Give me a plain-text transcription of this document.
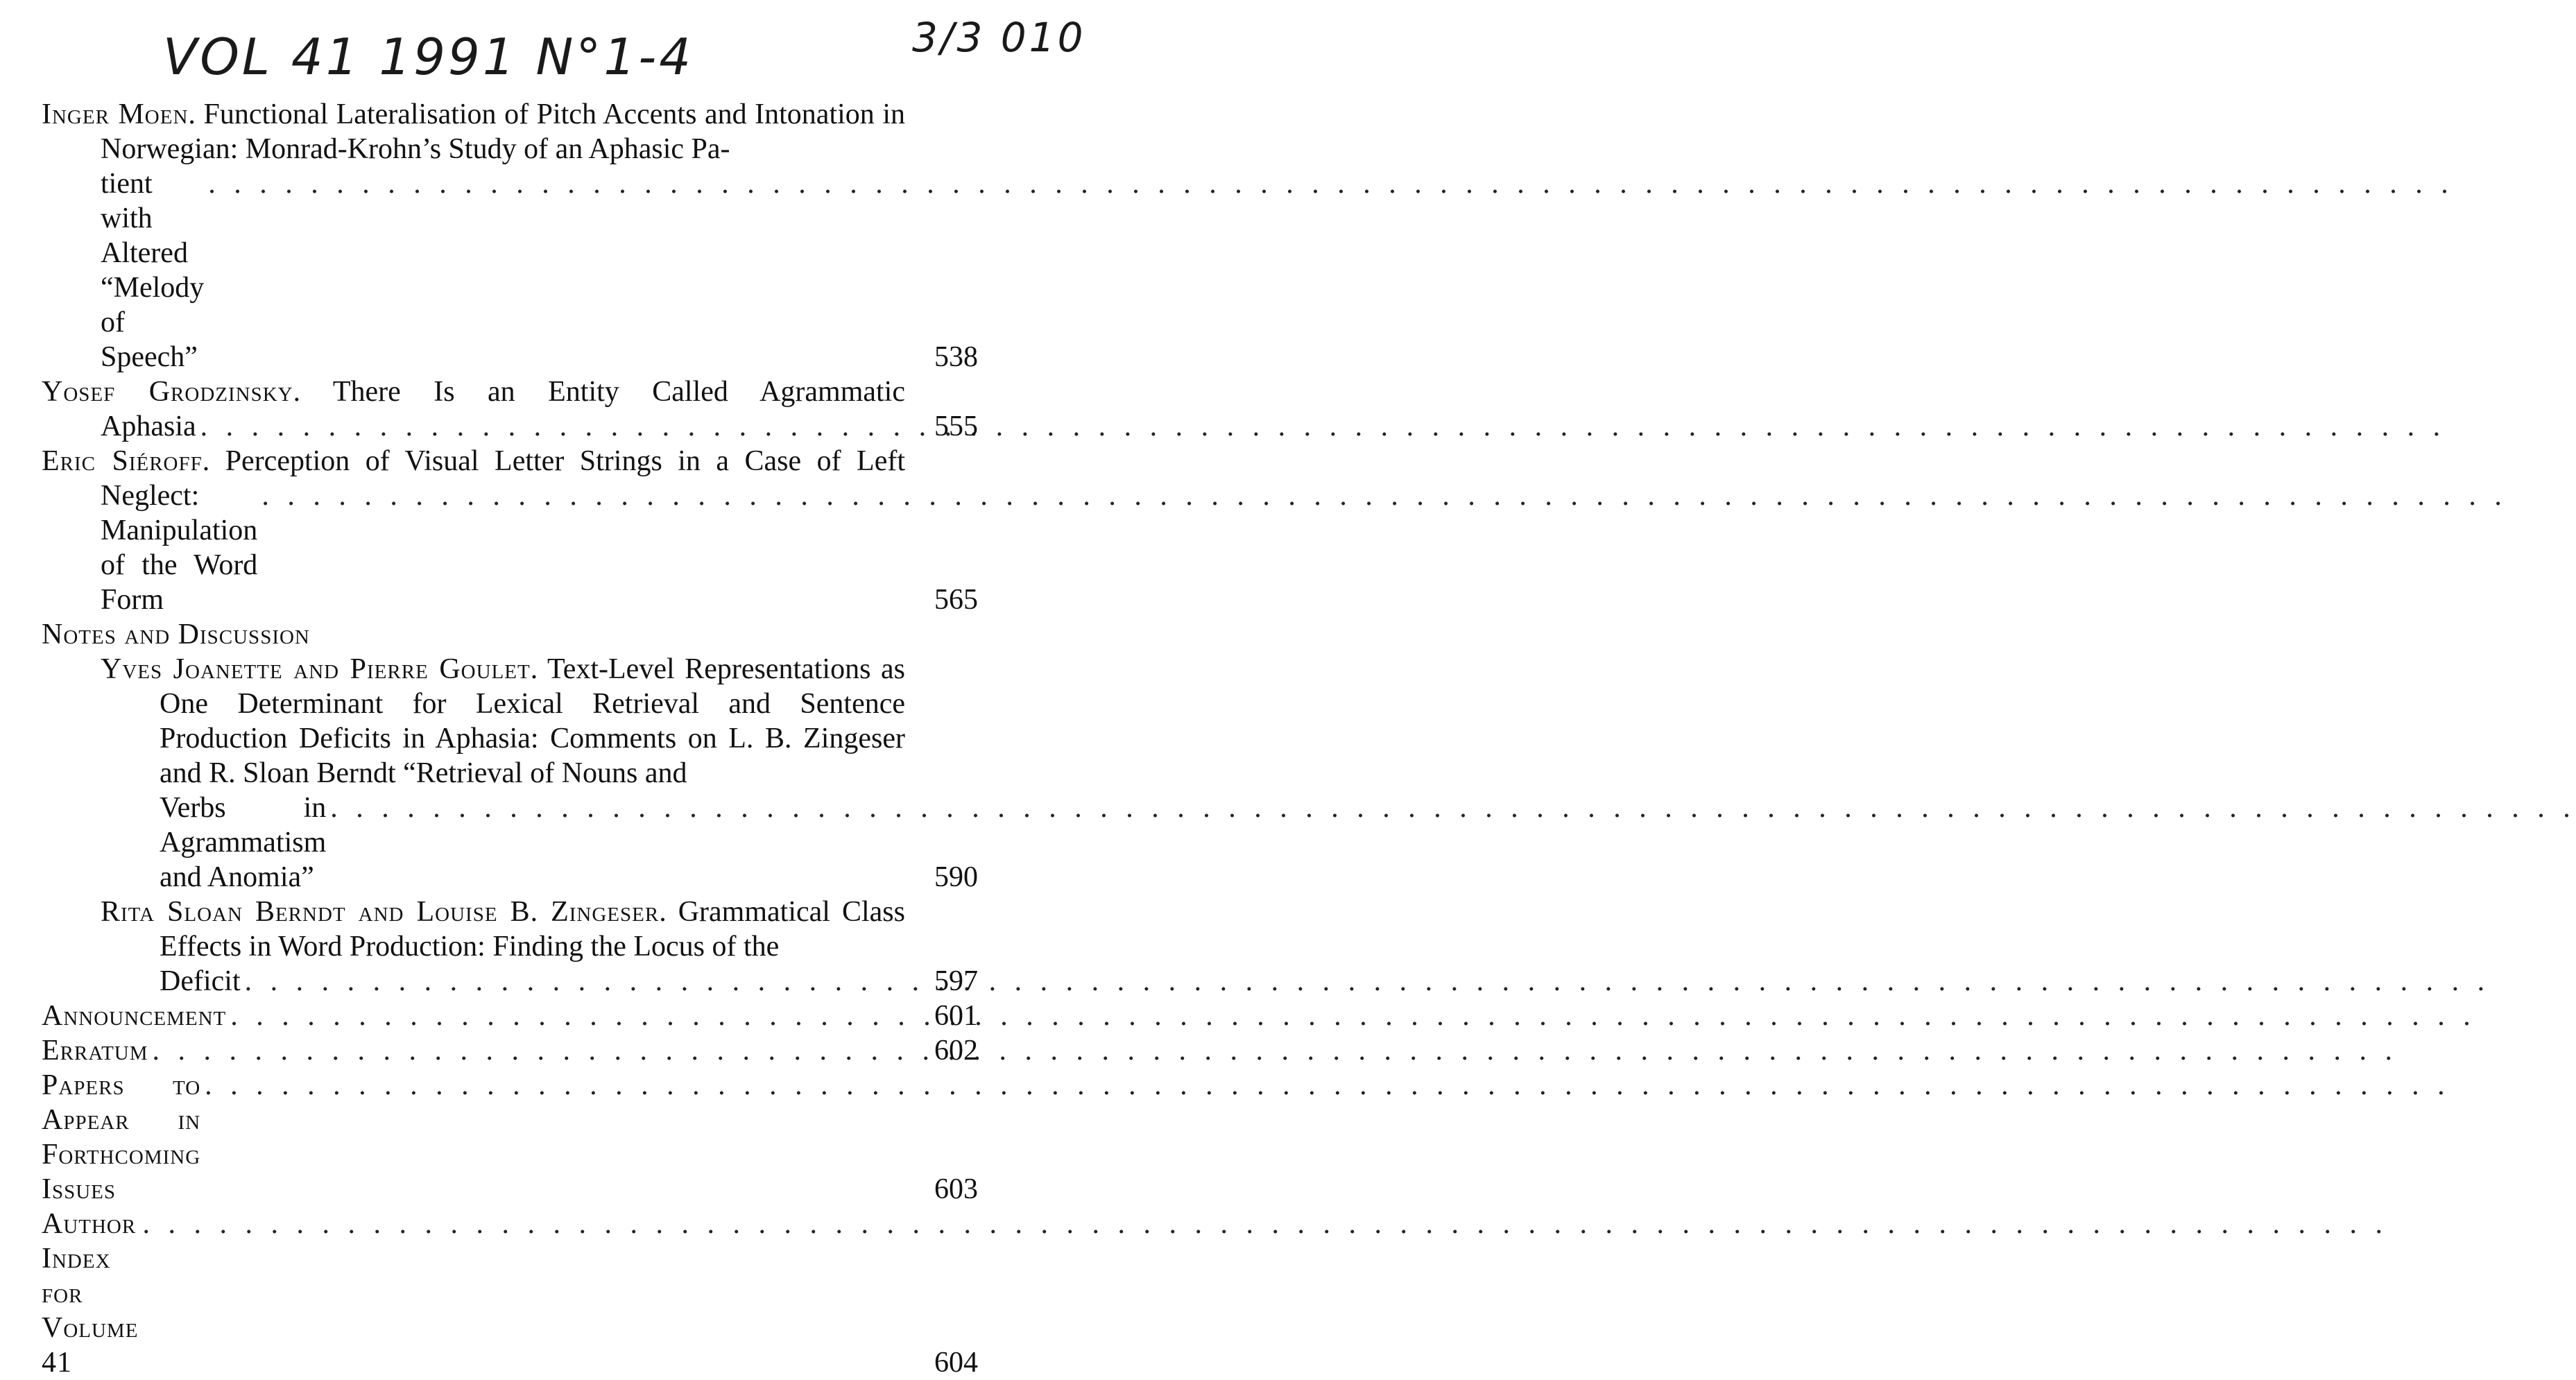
VOL 41 1991 N°1-4	3/3 010
Inger Moen. Functional Lateralisation of Pitch Accents and Intonation in Norwegian: Monrad-Krohn’s Study of an Aphasic Pa-
tient with Altered “Melody of Speech”
. . .	538
Yosef Grodzinsky. There Is an Entity Called Agrammatic
Aphasia . . .	555
Eric Siéroff. Perception of Visual Letter Strings in a Case of Left
Neglect: Manipulation of the Word Form
. . .	565
Notes and Discussion
Yves Joanette and Pierre Goulet. Text-Level Representations as One Determinant for Lexical Retrieval and Sentence Production Deficits in Aphasia: Comments on L. B. Zingeser and R. Sloan Berndt “Retrieval of Nouns and
Verbs in Agrammatism and Anomia”
. . .	590
Rita Sloan Berndt and Louise B. Zingeser. Grammatical Class Effects in Word Production: Finding the Locus of the
Deficit . . .	597
Announcement . . .	601
Erratum . . .	602
Papers to Appear in Forthcoming Issues
. . .	603
Author Index for Volume 41
. . .	604
